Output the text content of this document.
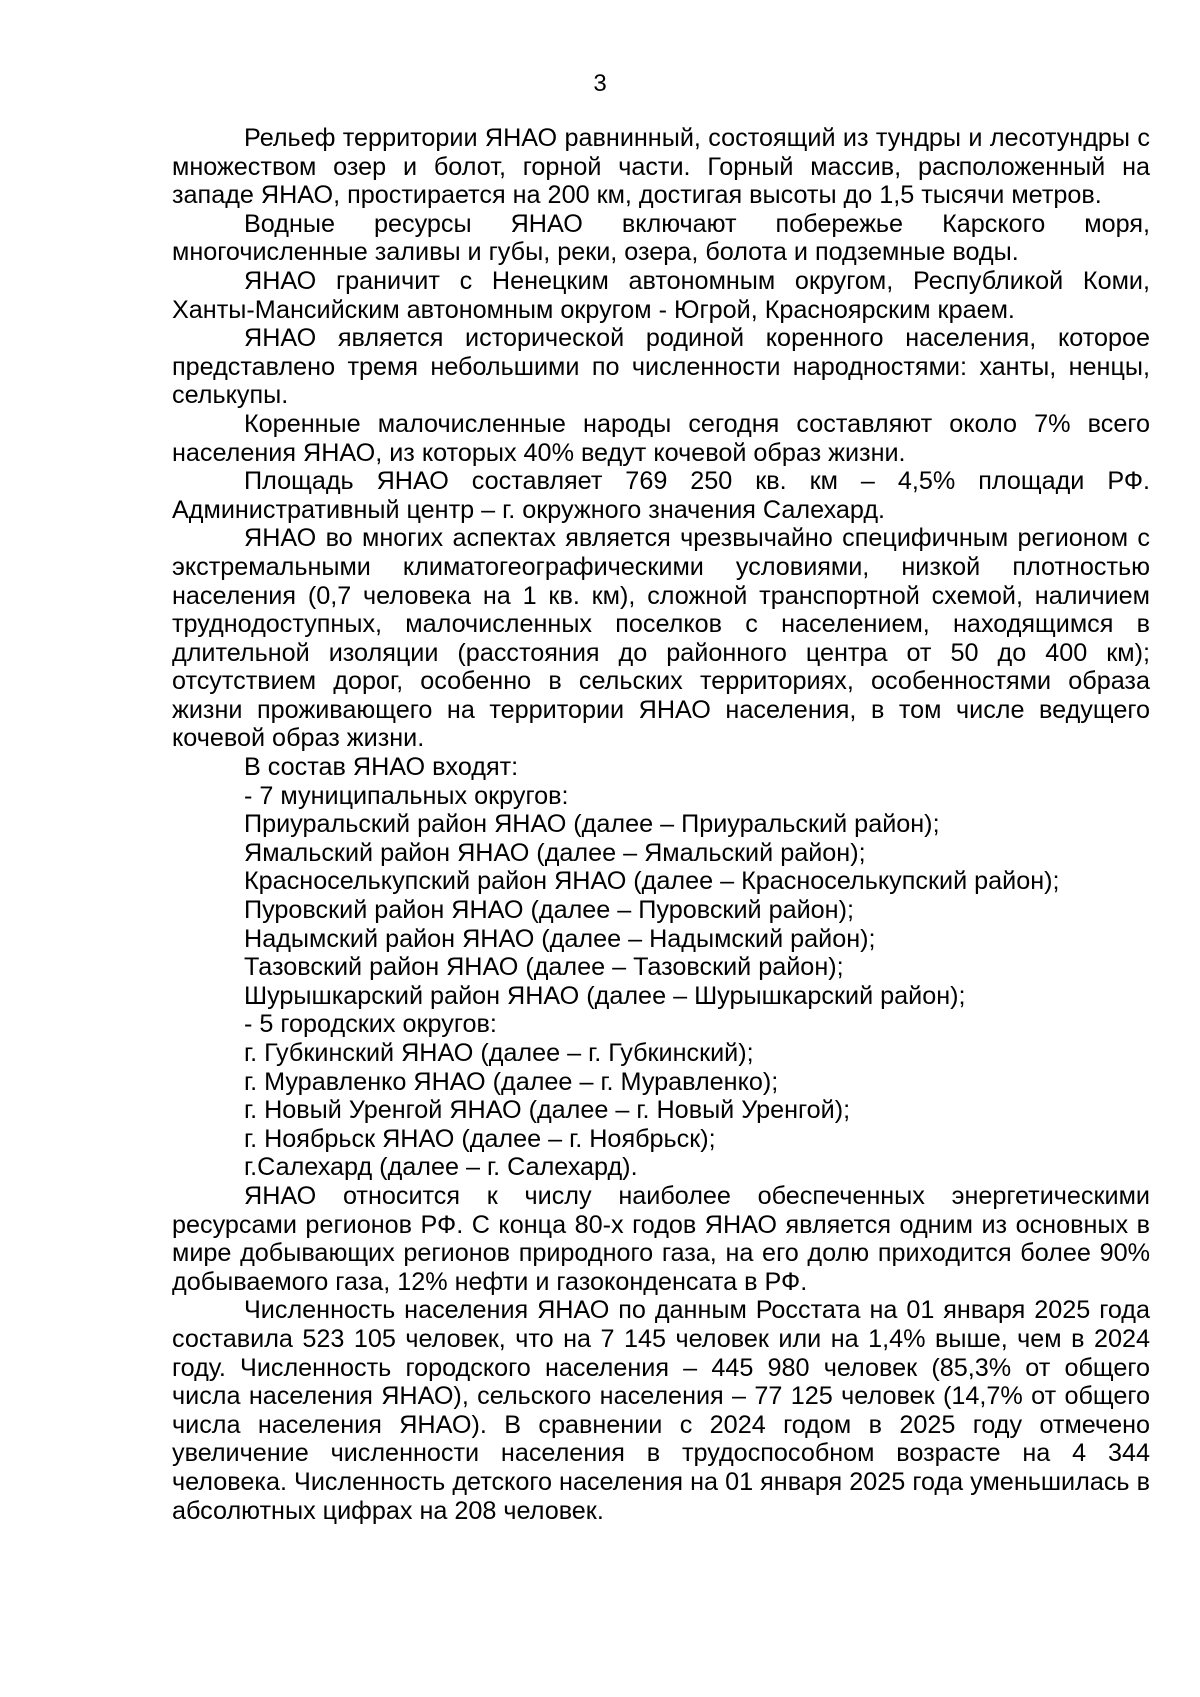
3

Рельеф территории ЯНАО равнинный, состоящий из тундры и лесотундры с множеством озер и болот, горной части. Горный массив, расположенный на западе ЯНАО, простирается на 200 км, достигая высоты до 1,5 тысячи метров.

Водные ресурсы ЯНАО включают побережье Карского моря, многочисленные заливы и губы, реки, озера, болота и подземные воды.

ЯНАО граничит с Ненецким автономным округом, Республикой Коми, Ханты-Мансийским автономным округом - Югрой, Красноярским краем.

ЯНАО является исторической родиной коренного населения, которое представлено тремя небольшими по численности народностями: ханты, ненцы, селькупы.

Коренные малочисленные народы сегодня составляют около 7% всего населения ЯНАО, из которых 40% ведут кочевой образ жизни.

Площадь ЯНАО составляет 769 250 кв. км – 4,5% площади РФ. Административный центр – г. окружного значения Салехард.

ЯНАО во многих аспектах является чрезвычайно специфичным регионом с экстремальными климатогеографическими условиями, низкой плотностью населения (0,7 человека на 1 кв. км), сложной транспортной схемой, наличием труднодоступных, малочисленных поселков с населением, находящимся в длительной изоляции (расстояния до районного центра от 50 до 400 км); отсутствием дорог, особенно в сельских территориях, особенностями образа жизни проживающего на территории ЯНАО населения, в том числе ведущего кочевой образ жизни.

В состав ЯНАО входят:

- 7 муниципальных округов:

Приуральский район ЯНАО (далее – Приуральский район);

Ямальский район ЯНАО (далее – Ямальский район);

Красноселькупский район ЯНАО (далее – Красноселькупский район);

Пуровский район ЯНАО (далее – Пуровский район);

Надымский район ЯНАО (далее – Надымский район);

Тазовский район ЯНАО (далее – Тазовский район);

Шурышкарский район ЯНАО (далее – Шурышкарский район);

- 5 городских округов:

г. Губкинский ЯНАО (далее – г. Губкинский);

г. Муравленко ЯНАО (далее – г. Муравленко);

г. Новый Уренгой ЯНАО (далее – г. Новый Уренгой);

г. Ноябрьск ЯНАО (далее – г. Ноябрьск);

г.Салехард (далее – г. Салехард).

ЯНАО относится к числу наиболее обеспеченных энергетическими ресурсами регионов РФ. С конца 80-х годов ЯНАО является одним из основных в мире добывающих регионов природного газа, на его долю приходится более 90% добываемого газа, 12% нефти и газоконденсата в РФ.

Численность населения ЯНАО по данным Росстата на 01 января 2025 года составила 523 105 человек, что на 7 145 человек или на 1,4% выше, чем в 2024 году. Численность городского населения – 445 980 человек (85,3% от общего числа населения ЯНАО), сельского населения – 77 125 человек (14,7% от общего числа населения ЯНАО). В сравнении с 2024 годом в 2025 году отмечено увеличение численности населения в трудоспособном возрасте на 4 344 человека. Численность детского населения на 01 января 2025 года уменьшилась в абсолютных цифрах на 208 человек.
